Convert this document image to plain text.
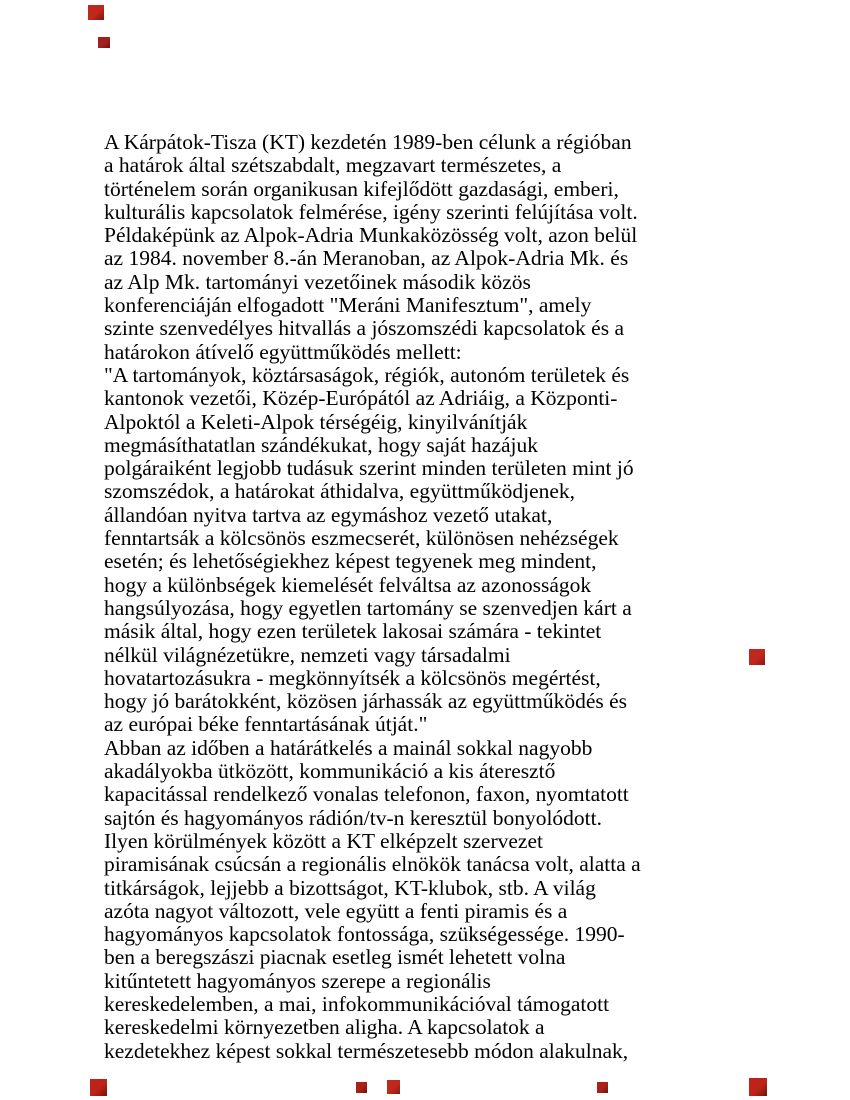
A Kárpátok-Tisza (KT) kezdetén 1989-ben célunk a régióban
a határok által szétszabdalt, megzavart természetes, a
történelem során organikusan kifejlődött gazdasági, emberi,
kulturális kapcsolatok felmérése, igény szerinti felújítása volt.
Példaképünk az Alpok-Adria Munkaközösség volt, azon belül
az 1984. november 8.-án Meranoban, az Alpok-Adria Mk. és
az Alp Mk. tartományi vezetőinek második közös
konferenciáján elfogadott "Meráni Manifesztum", amely
szinte szenvedélyes hitvallás a jószomszédi kapcsolatok és a
határokon átívelő együttműködés mellett:
"A tartományok, köztársaságok, régiók, autonóm területek és
kantonok vezetői, Közép-Európától az Adriáig, a Központi-
Alpoktól a Keleti-Alpok térségéig, kinyilvánítják
megmásíthatatlan szándékukat, hogy saját hazájuk
polgáraiként legjobb tudásuk szerint minden területen mint jó
szomszédok, a határokat áthidalva, együttműködjenek,
állandóan nyitva tartva az egymáshoz vezető utakat,
fenntartsák a kölcsönös eszmecserét, különösen nehézségek
esetén; és lehetőségiekhez képest tegyenek meg mindent,
hogy a különbségek kiemelését felváltsa az azonosságok
hangsúlyozása, hogy egyetlen tartomány se szenvedjen kárt a
másik által, hogy ezen területek lakosai számára - tekintet
nélkül világnézetükre, nemzeti vagy társadalmi
hovatartozásukra - megkönnyítsék a kölcsönös megértést,
hogy jó barátokként, közösen járhassák az együttműködés és
az európai béke fenntartásának útját."
Abban az időben a határátkelés a mainál sokkal nagyobb
akadályokba ütközött, kommunikáció a kis áteresztő
kapacitással rendelkező vonalas telefonon, faxon, nyomtatott
sajtón és hagyományos rádión/tv-n keresztül bonyolódott.
Ilyen körülmények között a KT elképzelt szervezet
piramisának csúcsán a regionális elnökök tanácsa volt, alatta a
titkárságok, lejjebb a bizottságot, KT-klubok, stb. A világ
azóta nagyot változott, vele együtt a fenti piramis és a
hagyományos kapcsolatok fontossága, szükségessége. 1990-
ben a beregszászi piacnak esetleg ismét lehetett volna
kitűntetett hagyományos szerepe a regionális
kereskedelemben, a mai, infokommunikációval támogatott
kereskedelmi környezetben aligha. A kapcsolatok a
kezdetekhez képest sokkal természetesebb módon alakulnak,
